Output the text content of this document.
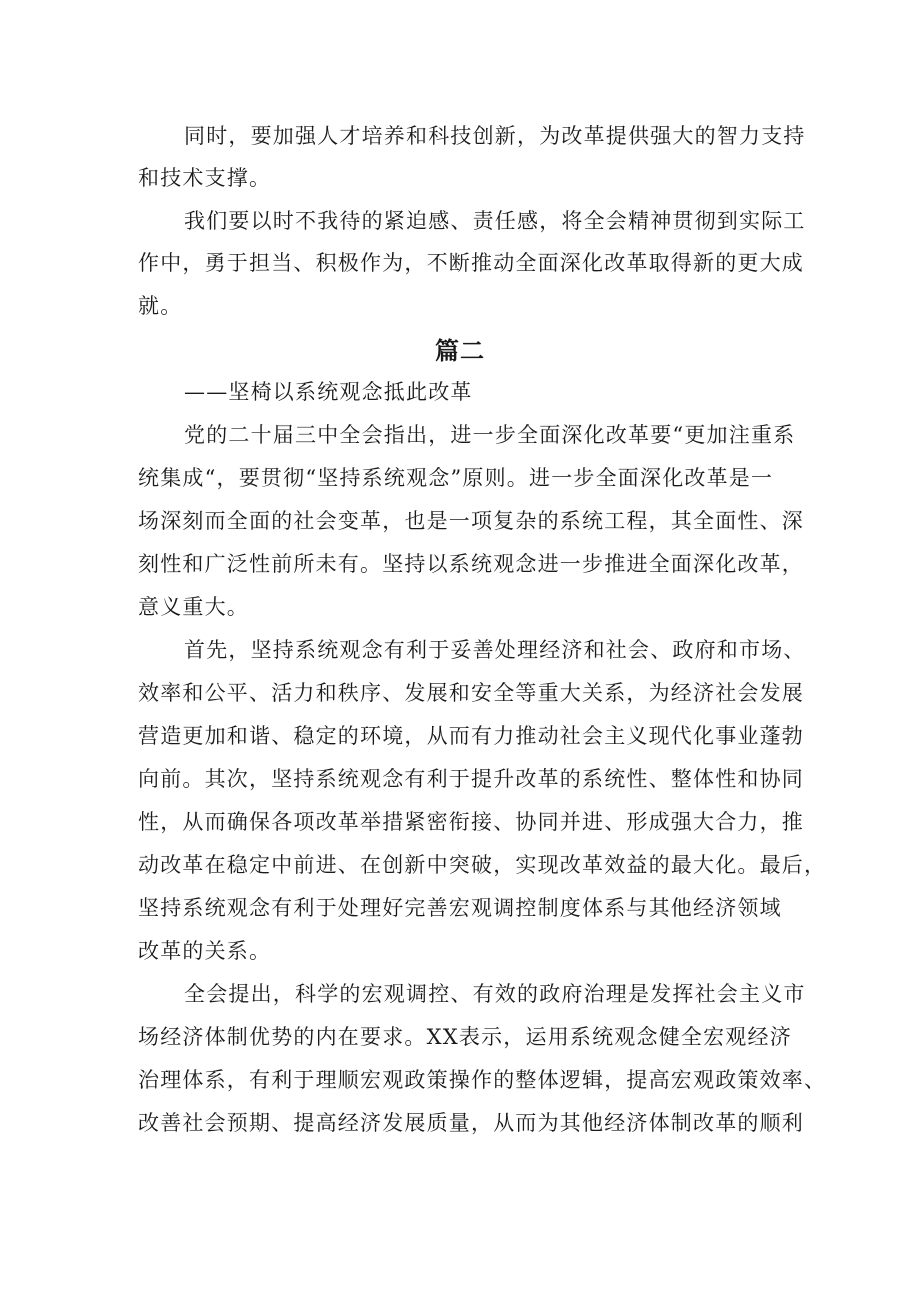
同时，要加强人才培养和科技创新，为改革提供强大的智力支持
和技术支撑。
我们要以时不我待的紧迫感、责任感，将全会精神贯彻到实际工
作中，勇于担当、积极作为，不断推动全面深化改革取得新的更大成
就。
篇二
——坚椅以系统观念抵此改革
党的二十届三中全会指出，进一步全面深化改革要“更加注重系
统集成“，要贯彻“坚持系统观念”原则。进一步全面深化改革是一
场深刻而全面的社会变革，也是一项复杂的系统工程，其全面性、深
刻性和广泛性前所未有。坚持以系统观念进一步推进全面深化改革，
意义重大。
首先，坚持系统观念有利于妥善处理经济和社会、政府和市场、
效率和公平、活力和秩序、发展和安全等重大关系，为经济社会发展
营造更加和谐、稳定的环境，从而有力推动社会主义现代化事业蓬勃
向前。其次，坚持系统观念有利于提升改革的系统性、整体性和协同
性，从而确保各项改革举措紧密衔接、协同并进、形成强大合力，推
动改革在稳定中前进、在创新中突破，实现改革效益的最大化。最后，
坚持系统观念有利于处理好完善宏观调控制度体系与其他经济领域
改革的关系。
全会提出，科学的宏观调控、有效的政府治理是发挥社会主义市
场经济体制优势的内在要求。XX表示，运用系统观念健全宏观经济
治理体系，有利于理顺宏观政策操作的整体逻辑，提高宏观政策效率、
改善社会预期、提高经济发展质量，从而为其他经济体制改革的顺利
